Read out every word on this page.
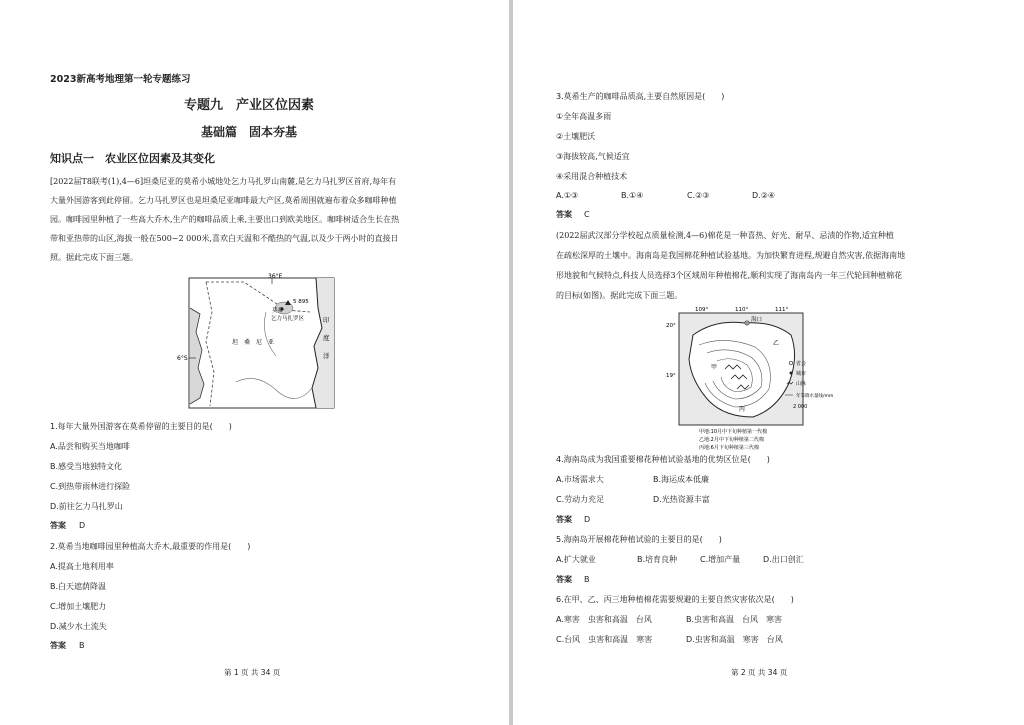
2023新高考地理第一轮专题练习
专题九　产业区位因素
基础篇　固本夯基
知识点一　农业区位因素及其变化
[2022届T8联考(1),4—6]坦桑尼亚的莫希小城地处乞力马扎罗山南麓,是乞力马扎罗区首府,每年有
大量外国游客到此停留。乞力马扎罗区也是坦桑尼亚咖啡最大产区,莫希周围就遍布着众多咖啡种植
园。咖啡园里种植了一些高大乔木,生产的咖啡品质上乘,主要出口到欧美地区。咖啡树适合生长在热
带和亚热带的山区,海拔一般在500~2 000米,喜欢白天温和不酷热的气温,以及少于两小时的直接日
照。据此完成下面三题。
36°E
6°S
5 895
莫希
乞力马扎罗区
坦　桑　尼　亚
印
度
洋
1.每年大量外国游客在莫希停留的主要目的是(　　)
A.品尝和购买当地咖啡
B.感受当地独特文化
C.到热带雨林进行探险
D.前往乞力马扎罗山
答案 D
2.莫希当地咖啡园里种植高大乔木,最重要的作用是(　　)
A.提高土地利用率
B.白天遮荫降温
C.增加土壤肥力
D.减少水土流失
答案 B
第 1 页 共 34 页
3.莫希生产的咖啡品质高,主要自然原因是(　　)
①全年高温多雨
②土壤肥沃
③海拔较高,气候适宜
④采用混合种植技术
A.①③	B.①④	C.②③	D.②④
答案 C
(2022届武汉部分学校起点质量检测,4—6)棉花是一种喜热、好光、耐旱、忌渍的作物,适宜种植
在疏松深厚的土壤中。海南岛是我国棉花种植试验基地。为加快繁育进程,规避自然灾害,依据海南地
形地貌和气候特点,科技人员选择3个区域周年种植棉花,顺利实现了海南岛内一年三代轮回种植棉花
的目标(如图)。据此完成下面三题。
109°	110°	111°
20°
19°
海口
乙
甲
丙
省会
城市
山脉
年等降水量线/mm
2 000
甲地:10月中下旬种植第一代棉
乙地:2月中下旬种植第二代棉
丙地:6月下旬种植第三代棉
4.海南岛成为我国重要棉花种植试验基地的优势区位是(　　)
A.市场需求大	B.海运成本低廉
C.劳动力充足	D.光热资源丰富
答案 D
5.海南岛开展棉花种植试验的主要目的是(　　)
A.扩大就业	B.培育良种	C.增加产量	D.出口创汇
答案 B
6.在甲、乙、丙三地种植棉花需要规避的主要自然灾害依次是(　　)
A.寒害　虫害和高温　台风	B.虫害和高温　台风　寒害
C.台风　虫害和高温　寒害	D.虫害和高温　寒害　台风
第 2 页 共 34 页
